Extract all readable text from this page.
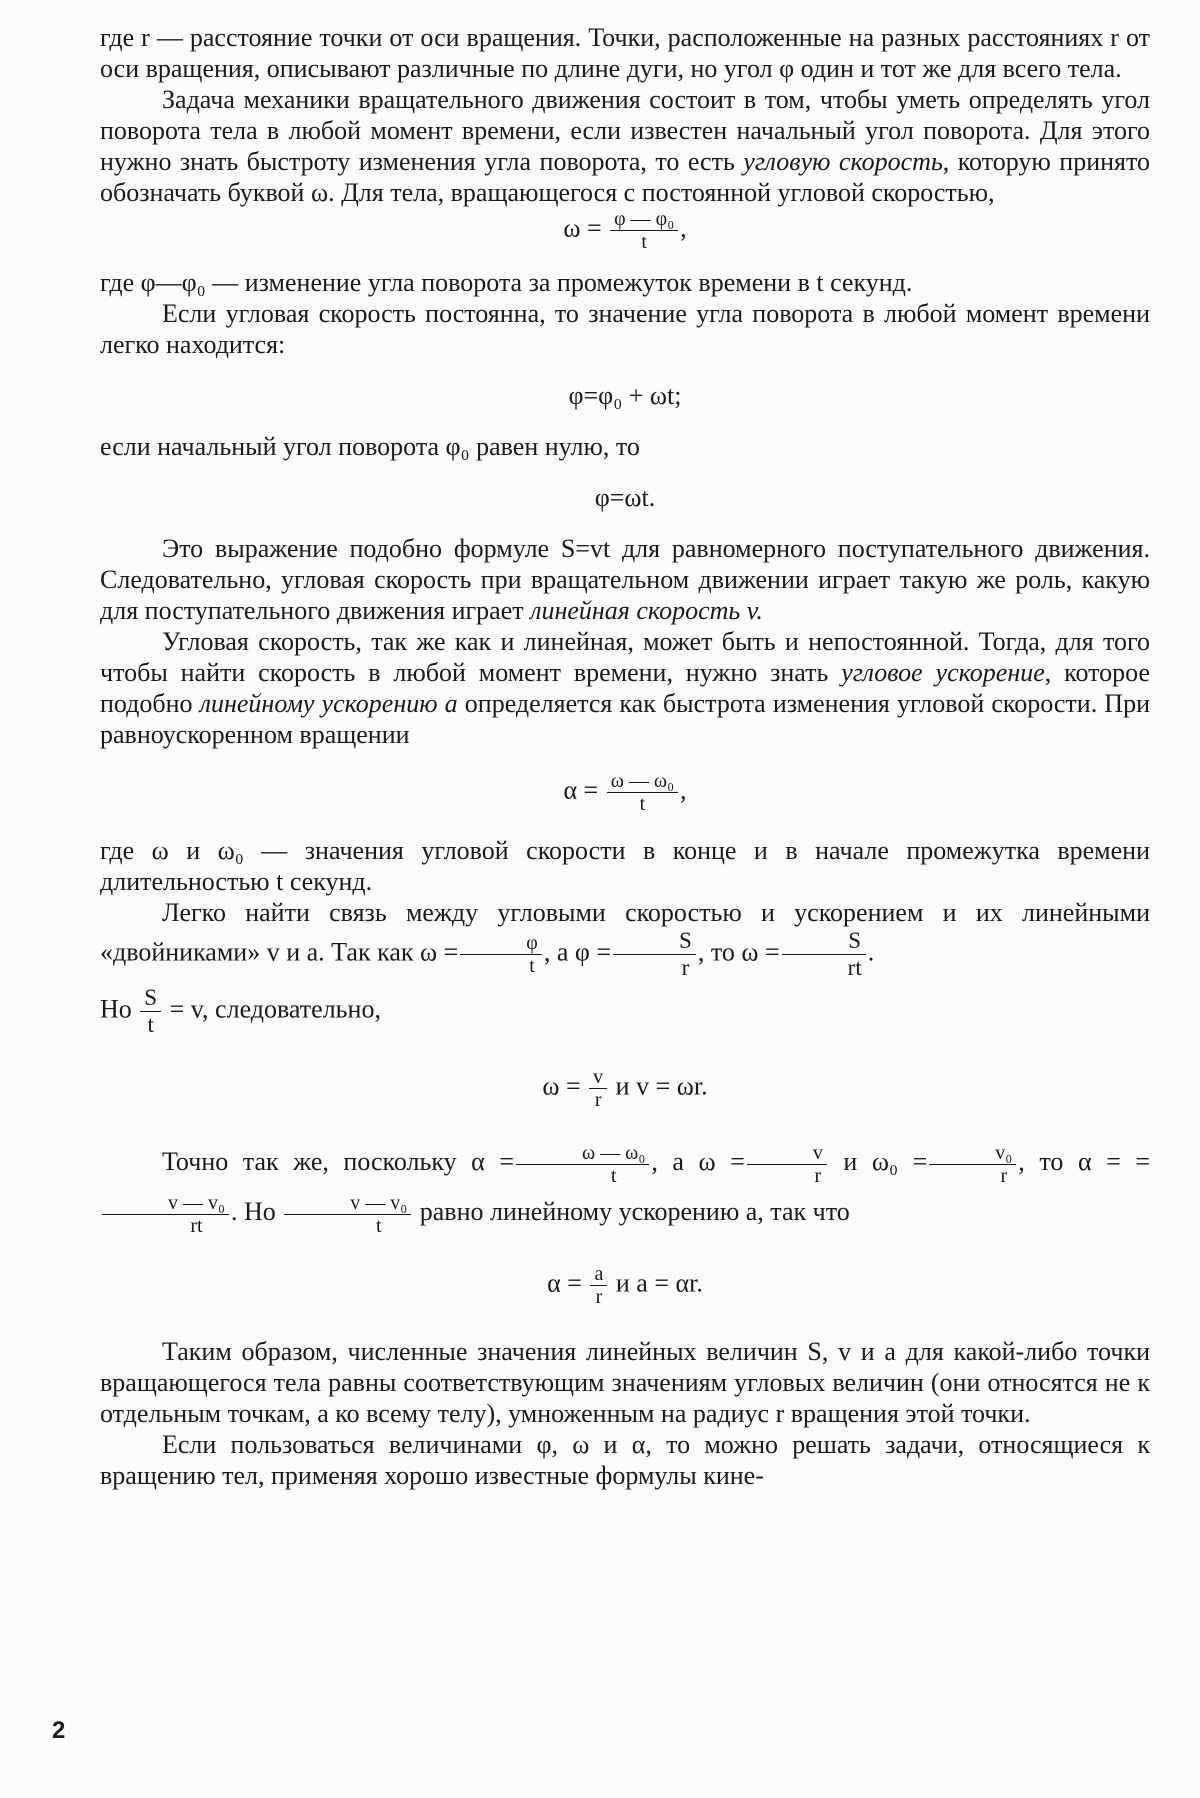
где r — расстояние точки от оси вращения. Точки, расположенные на разных расстояниях r от оси вращения, описывают различные по длине дуги, но угол φ один и тот же для всего тела.

Задача механики вращательного движения состоит в том, чтобы уметь определять угол поворота тела в любой момент времени, если известен начальный угол поворота. Для этого нужно знать быстроту изменения угла поворота, то есть угловую скорость, которую принято обозначать буквой ω. Для тела, вращающегося с постоянной угловой скоростью,

$\omega = \frac{\text{φ — φ₀}}{t}$ ,

где φ—φ₀ — изменение угла поворота за промежуток времени в t секунд.

Если угловая скорость постоянна, то значение угла поворота в любой момент времени легко находится:

φ=φ₀ + ωt;

если начальный угол поворота φ₀ равен нулю, то

φ=ωt.

Это выражение подобно формуле S=vt для равномерного поступательного движения. Следовательно, угловая скорость при вращательном движении играет такую же роль, какую для поступательного движения играет линейная скорость v.

Угловая скорость, так же как и линейная, может быть и непостоянной. Тогда, для того чтобы найти скорость в любой момент времени, нужно знать угловое ускорение, которое подобно линейному ускорению a определяется как быстрота изменения угловой скорости. При равноускоренном вращении

$\alpha = \frac{\text{ω — ω₀}}{t}$ ,

где ω и ω₀ — значения угловой скорости в конце и в начале промежутка времени длительностью t секунд.

Легко найти связь между угловыми скоростью и ускорением и их линейными «двойниками» v и a. Так как $\omega = \frac{\varphi}{t}$ , а $\varphi = \frac{S}{r}$ , то $\omega = \frac{S}{rt}$ .

Но $\frac{S}{t} = v$, следовательно,

$\omega = \frac{v}{r}$ и v = ωr.

Точно так же, поскольку $\alpha = \frac{\text{ω — ω₀}}{t}$ , а $\omega = \frac{v}{r}$ и $\omega_0 = \frac{\text{v₀}}{r}$ , то α = =
$\frac{\text{v — v₀}}{rt}$ . Но $\frac{\text{v — v₀}}{t}$ равно линейному ускорению a, так что

$\alpha = \frac{a}{r}$ и a = αr.

Таким образом, численные значения линейных величин S, v и a для какой-либо точки вращающегося тела равны соответствующим значениям угловых величин (они относятся не к отдельным точкам, а ко всему телу), умноженным на радиус r вращения этой точки.

Если пользоваться величинами φ, ω и α, то можно решать задачи, относящиеся к вращению тел, применяя хорошо известные формулы кине-

2
